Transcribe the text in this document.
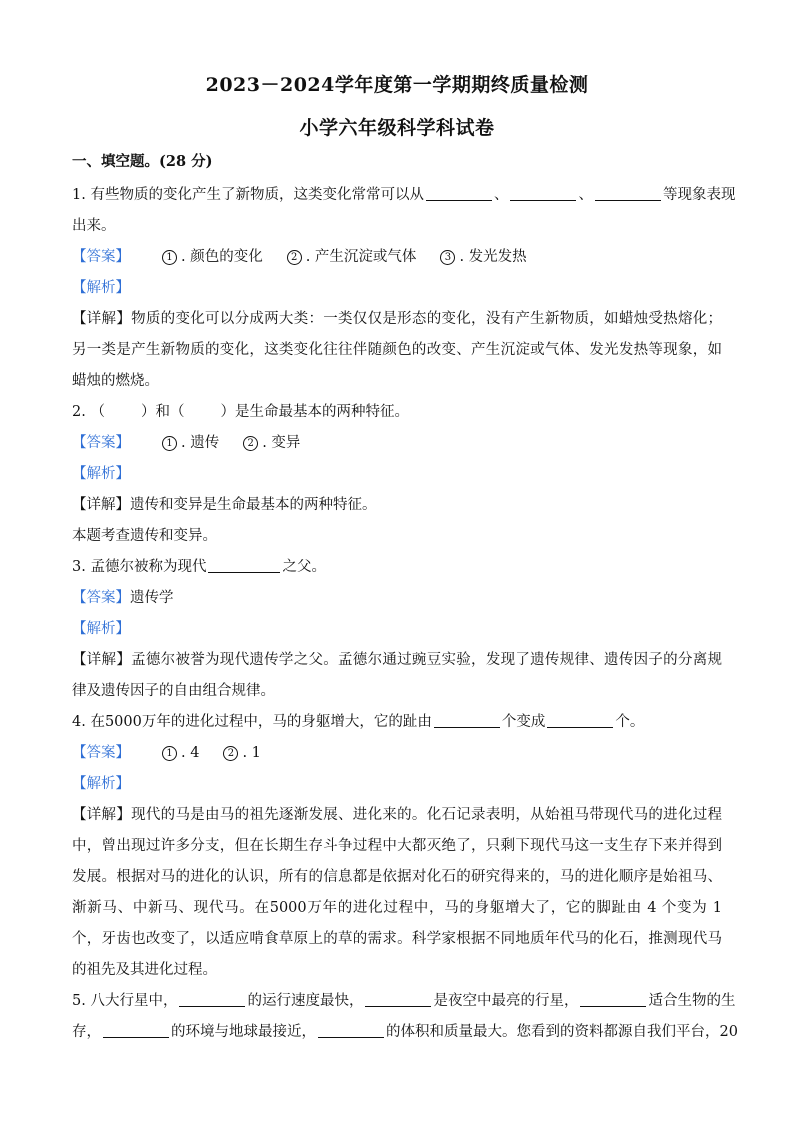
2023－2024学年度第一学期期终质量检测
小学六年级科学科试卷
一、填空题。(28 分)
1. 有些物质的变化产生了新物质，这类变化常常可以从	、	、	等现象表现
出来。
【答案】	1 . 颜色的变化	2 . 产生沉淀或气体	3 . 发光发热
【解析】
【详解】物质的变化可以分成两大类：一类仅仅是形态的变化，没有产生新物质，如蜡烛受热熔化；另一类是产生新物质的变化，这类变化往往伴随颜色的改变、产生沉淀或气体、发光发热等现象，如蜡烛的燃烧。
2. （ ）和（ ）是生命最基本的两种特征。
【答案】	1 . 遗传	2 . 变异
【解析】
【详解】遗传和变异是生命最基本的两种特征。
本题考查遗传和变异。
3. 孟德尔被称为现代	之父。
【答案】遗传学
【解析】
【详解】孟德尔被誉为现代遗传学之父。孟德尔通过豌豆实验，发现了遗传规律、遗传因子的分离规律及遗传因子的自由组合规律。
4. 在5000万年的进化过程中，马的身躯增大，它的趾由	个变成	个。
【答案】	1 . 4	2 . 1
【解析】
【详解】现代的马是由马的祖先逐渐发展、进化来的。化石记录表明，从始祖马带现代马的进化过程中，曾出现过许多分支，但在长期生存斗争过程中大都灭绝了，只剩下现代马这一支生存下来并得到发展。根据对马的进化的认识，所有的信息都是依据对化石的研究得来的，马的进化顺序是始祖马、渐新马、中新马、现代马。在5000万年的进化过程中，马的身躯增大了，它的脚趾由 4 个变为 1 个，牙齿也改变了，以适应啃食草原上的草的需求。科学家根据不同地质年代马的化石，推测现代马的祖先及其进化过程。
5. 八大行星中，	的运行速度最快，	是夜空中最亮的行星，	适合生物的生
存，	的环境与地球最接近，	的体积和质量最大。您看到的资料都源自我们平台，20
